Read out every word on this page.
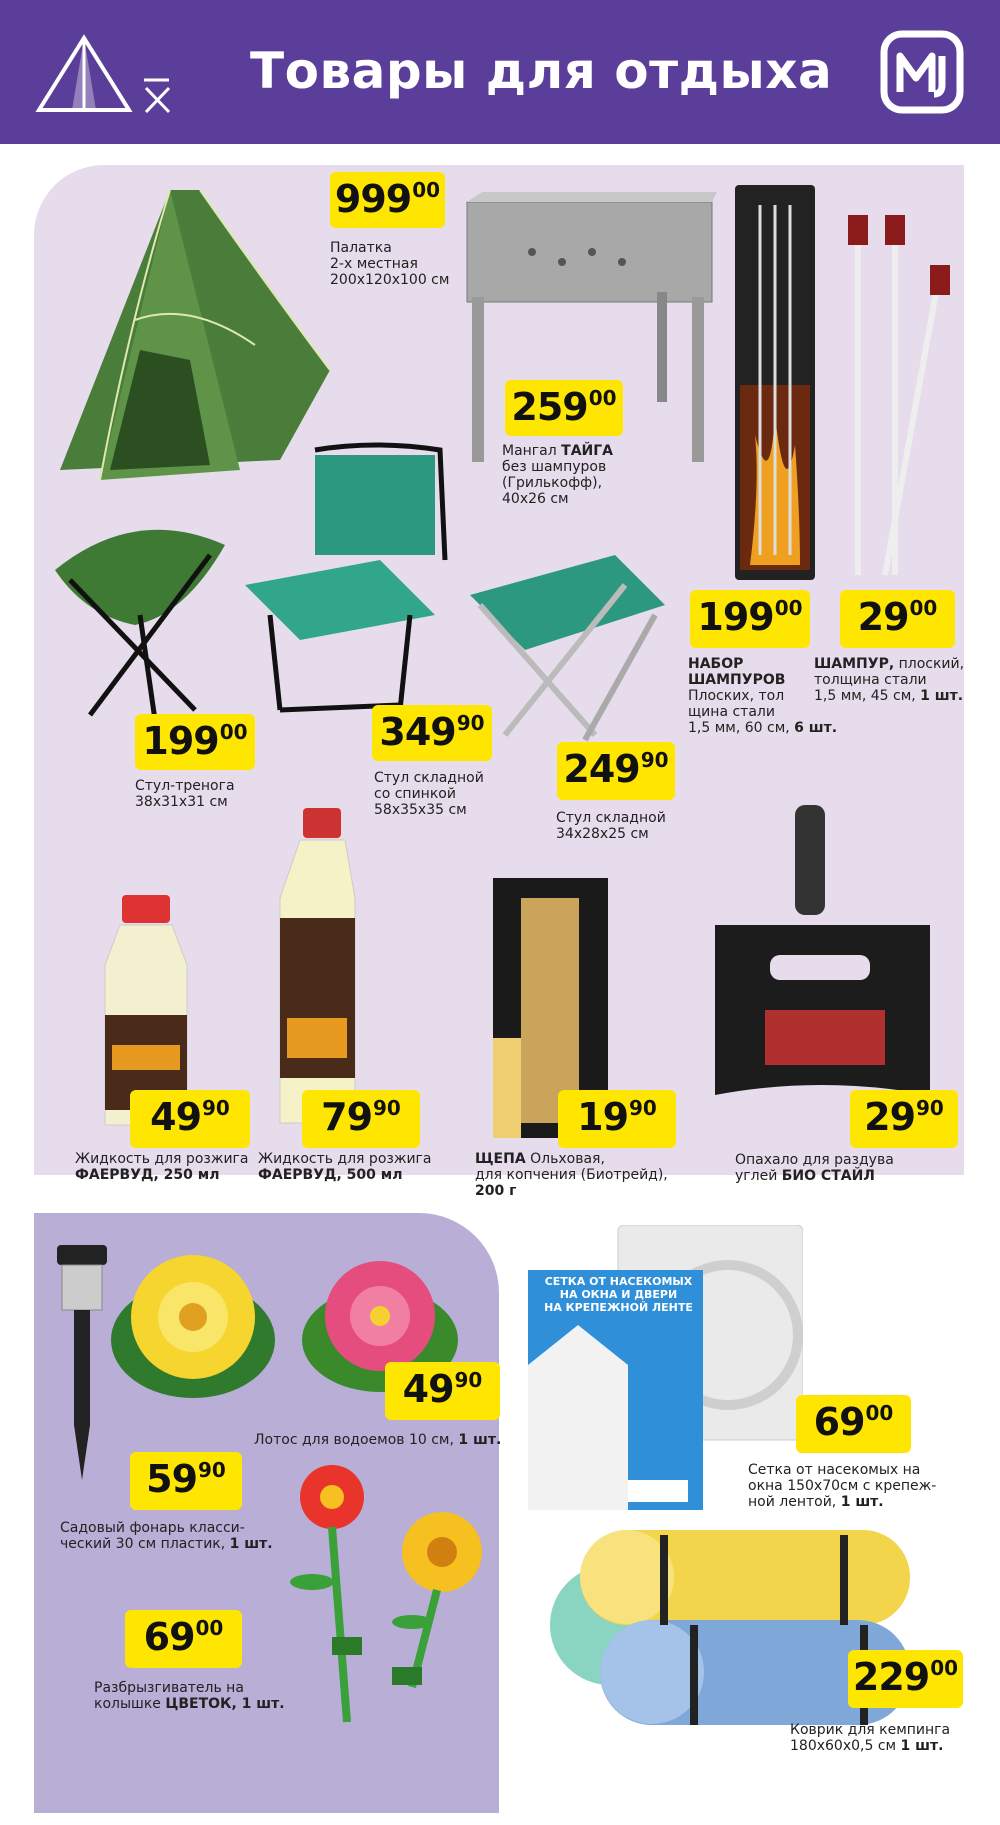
Товары для отдыха
999 00
Палатка
2-х местная
200x120x100 см
259 00
Мангал ТАЙГА
без шампуров
(Грилькофф),
40x26 см
199 00
НАБОР
ШАМПУРОВ
Плоских, тол
щина стали
1,5 мм, 60 см, 6 шт.
29 00
ШАМПУР, плоский,
толщина стали
1,5 мм, 45 см, 1 шт.
199 00
Стул-тренога
38x31x31 см
349 90
Стул складной
со спинкой
58x35x35 см
249 90
Стул складной
34x28x25 см
49 90
Жидкость для розжига
ФАЕРВУД, 250 мл
79 90
Жидкость для розжига
ФАЕРВУД, 500 мл
19 90
ЩЕПА Ольховая,
для копчения (Биотрейд),
200 г
29 90
Опахало для раздува
углей БИО СТАЙЛ
59 90
Садовый фонарь класси-
ческий 30 см пластик, 1 шт.
49 90
Лотос для водоемов 10 см, 1 шт.
69 00
Разбрызгиватель на
колышке ЦВЕТОК, 1 шт.
СЕТКА ОТ НАСЕКОМЫХ
НА ОКНА И ДВЕРИ
НА КРЕПЕЖНОЙ ЛЕНТЕ
69 00
Сетка от насекомых на
окна 150x70см с крепеж-
ной лентой, 1 шт.
229 00
Коврик для кемпинга
180x60x0,5 см 1 шт.
